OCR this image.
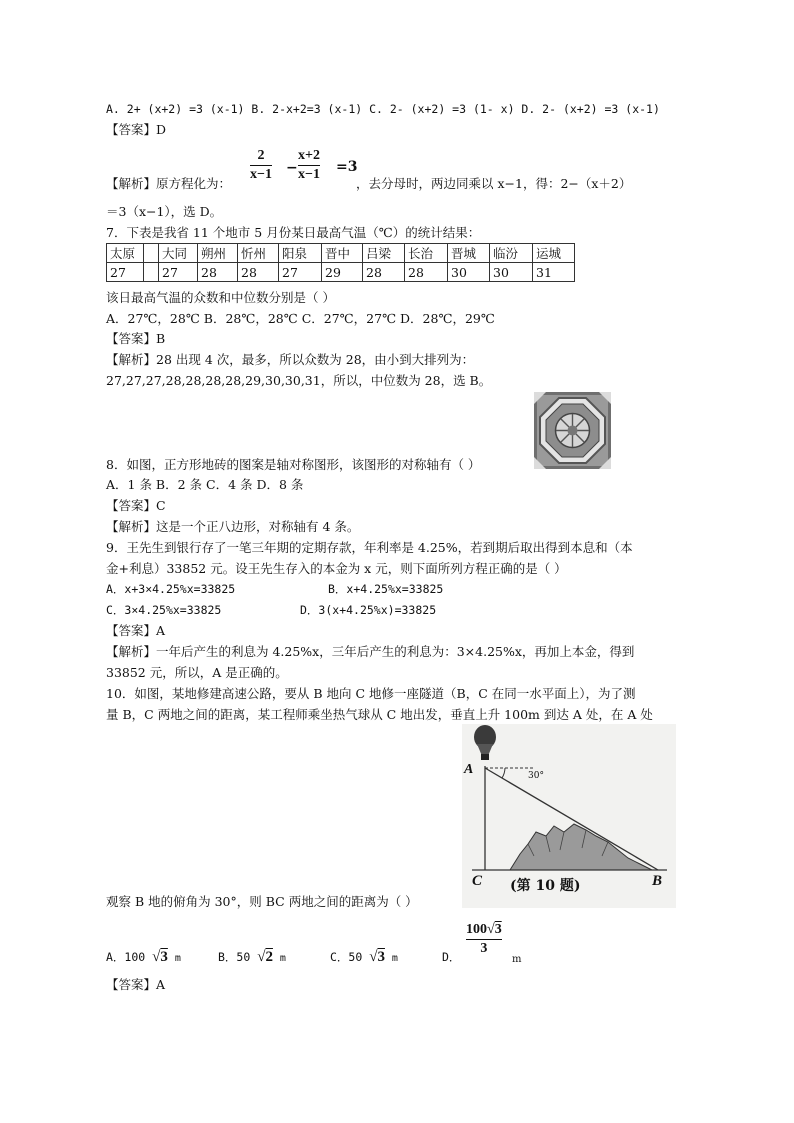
A. 2+ (x+2) =3 (x-1) B. 2-x+2=3 (x-1) C. 2- (x+2) =3 (1- x) D. 2- (x+2) =3 (x-1)
【答案】D
【解析】原方程化为：
2
x−1 −
x+2
x−1 =3
，去分母时，两边同乘以 x−1，得：2−（x＋2）
＝3（x−1），选 D。
7．下表是我省 11 个地市 5 月份某日最高气温（℃）的统计结果：
太原		大同	朔州	忻州	阳泉	晋中	吕梁	长治	晋城	临汾	运城
27		27	28	28	27	29	28	28	30	30	31
该日最高气温的众数和中位数分别是（ ）
A．27℃，28℃ B．28℃，28℃ C．27℃，27℃ D．28℃，29℃
【答案】B
【解析】28 出现 4 次，最多，所以众数为 28，由小到大排列为：
27,27,27,28,28,28,28,29,30,30,31，所以，中位数为 28，选 B。
8．如图，正方形地砖的图案是轴对称图形，该图形的对称轴有（ ）
A．1 条 B．2 条 C．4 条 D．8 条
【答案】C
【解析】这是一个正八边形，对称轴有 4 条。
9．王先生到银行存了一笔三年期的定期存款，年利率是 4.25%，若到期后取出得到本息和（本
金+利息）33852 元。设王先生存入的本金为 x 元，则下面所列方程正确的是（ ）
A．x+3×4.25%x=33825	B．x+4.25%x=33825
C．3×4.25%x=33825	D．3(x+4.25%x)=33825
【答案】A
【解析】一年后产生的利息为 4.25%x，三年后产生的利息为：3×4.25%x，再加上本金，得到
33852 元，所以，A 是正确的。
10．如图，某地修建高速公路，要从 B 地向 C 地修一座隧道（B，C 在同一水平面上），为了测
量 B，C 两地之间的距离，某工程师乘坐热气球从 C 地出发，垂直上升 100m 到达 A 处，在 A 处
A	30°
C (第 10 题)	B
观察 B 地的俯角为 30°，则 BC 两地之间的距离为（ ）
A．100 √3 m	B．50 √2 m	C．50 √3 m	D．
100√3
3
m
【答案】A
